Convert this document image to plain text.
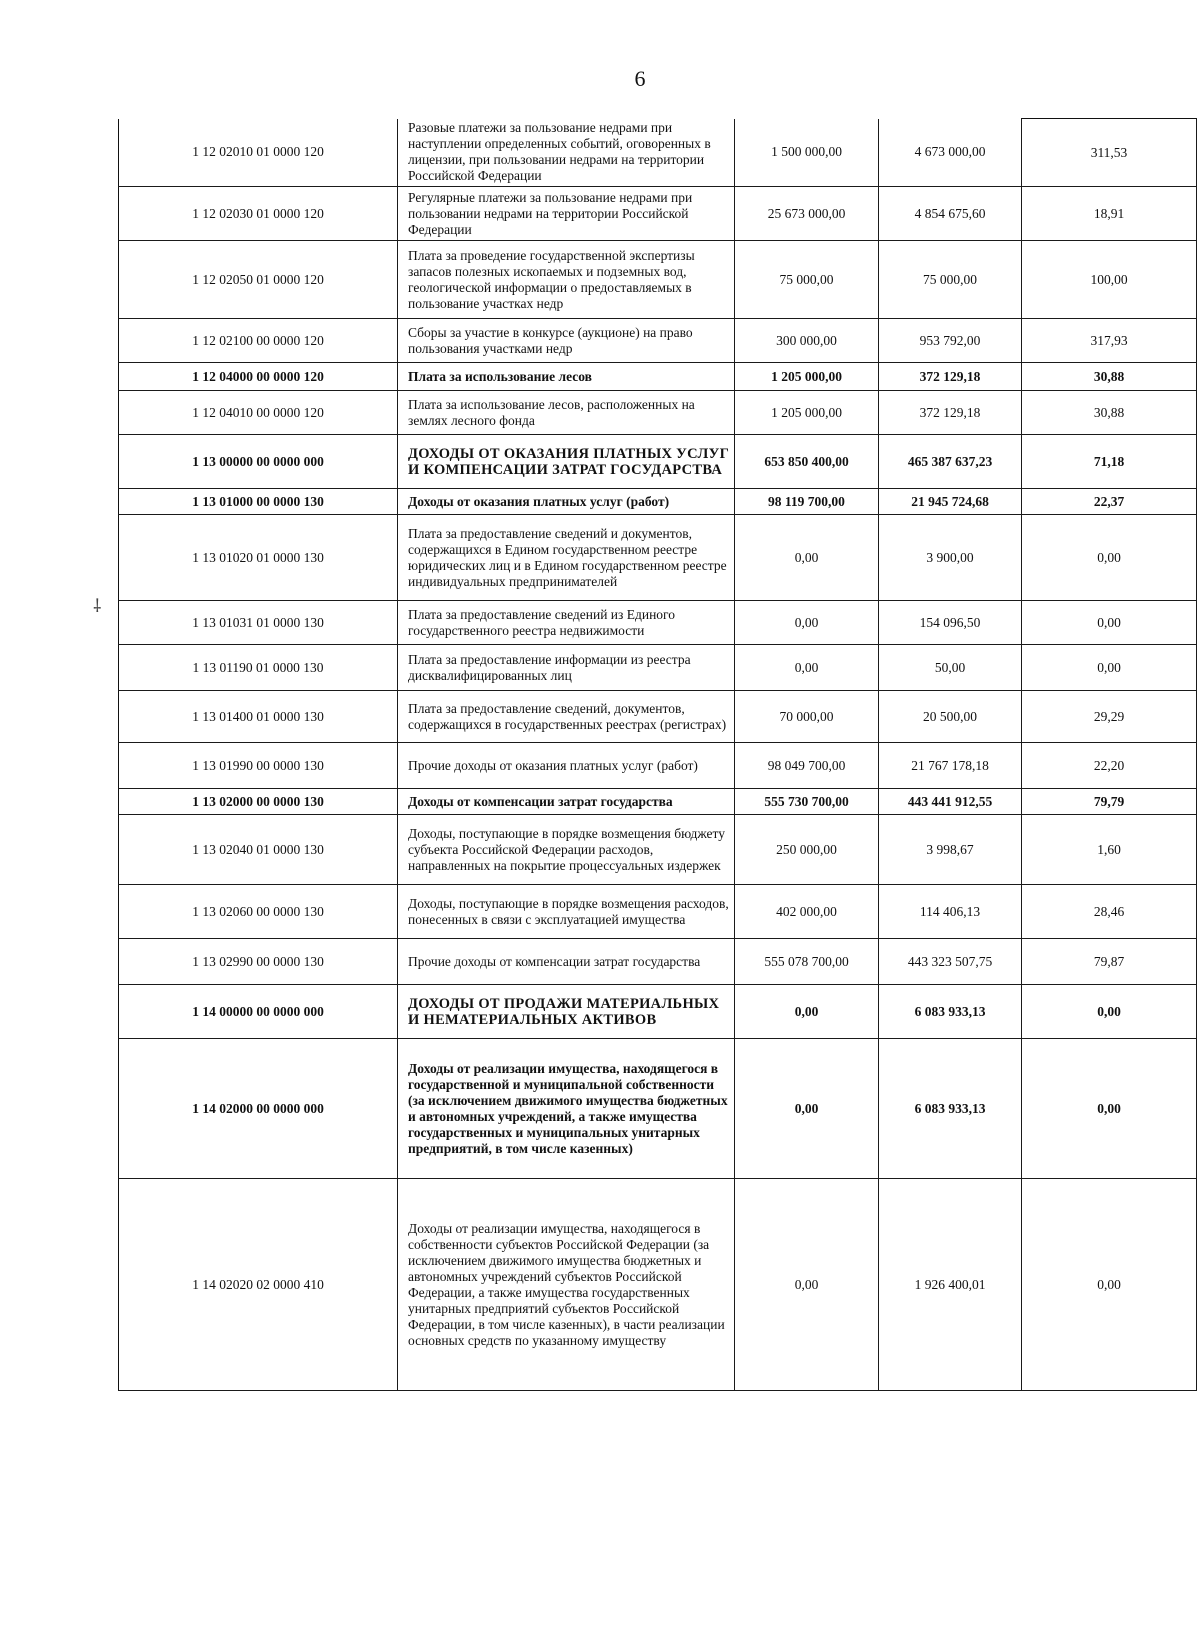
6
⸸
1 12 02010 01 0000 120	Разовые платежи за пользование недрами при наступлении определенных событий, оговоренных в лицензии, при пользовании недрами на территории Российской Федерации	1 500 000,00	4 673 000,00	311,53
1 12 02030 01 0000 120	Регулярные платежи за пользование недрами при пользовании недрами на территории Российской Федерации	25 673 000,00	4 854 675,60	18,91
1 12 02050 01 0000 120	Плата за проведение государственной экспертизы запасов полезных ископаемых и подземных вод, геологической информации о предоставляемых в пользование участках недр	75 000,00	75 000,00	100,00
1 12 02100 00 0000 120	Сборы за участие в конкурсе (аукционе) на право пользования участками недр	300 000,00	953 792,00	317,93
1 12 04000 00 0000 120	Плата за использование лесов	1 205 000,00	372 129,18	30,88
1 12 04010 00 0000 120	Плата за использование лесов, расположенных на землях лесного фонда	1 205 000,00	372 129,18	30,88
1 13 00000 00 0000 000	ДОХОДЫ ОТ ОКАЗАНИЯ ПЛАТНЫХ УСЛУГ И КОМПЕНСАЦИИ ЗАТРАТ ГОСУДАРСТВА	653 850 400,00	465 387 637,23	71,18
1 13 01000 00 0000 130	Доходы от оказания платных услуг (работ)	98 119 700,00	21 945 724,68	22,37
1 13 01020 01 0000 130	Плата за предоставление сведений и документов, содержащихся в Едином государственном реестре юридических лиц и в Едином государственном реестре индивидуальных предпринимателей	0,00	3 900,00	0,00
1 13 01031 01 0000 130	Плата за предоставление сведений из Единого государственного реестра недвижимости	0,00	154 096,50	0,00
1 13 01190 01 0000 130	Плата за предоставление информации из реестра дисквалифицированных лиц	0,00	50,00	0,00
1 13 01400 01 0000 130	Плата за предоставление сведений, документов, содержащихся в государственных реестрах (регистрах)	70 000,00	20 500,00	29,29
1 13 01990 00 0000 130	Прочие доходы от оказания платных услуг (работ)	98 049 700,00	21 767 178,18	22,20
1 13 02000 00 0000 130	Доходы от компенсации затрат государства	555 730 700,00	443 441 912,55	79,79
1 13 02040 01 0000 130	Доходы, поступающие в порядке возмещения бюджету субъекта Российской Федерации расходов, направленных на покрытие процессуальных издержек	250 000,00	3 998,67	1,60
1 13 02060 00 0000 130	Доходы, поступающие в порядке возмещения расходов, понесенных в связи с эксплуатацией имущества	402 000,00	114 406,13	28,46
1 13 02990 00 0000 130	Прочие доходы от компенсации затрат государства	555 078 700,00	443 323 507,75	79,87
1 14 00000 00 0000 000	ДОХОДЫ ОТ ПРОДАЖИ МАТЕРИАЛЬНЫХ И НЕМАТЕРИАЛЬНЫХ АКТИВОВ	0,00	6 083 933,13	0,00
1 14 02000 00 0000 000	Доходы от реализации имущества, находящегося в государственной и муниципальной собственности (за исключением движимого имущества бюджетных и автономных учреждений, а также имущества государственных и муниципальных унитарных предприятий, в том числе казенных)	0,00	6 083 933,13	0,00
1 14 02020 02 0000 410	Доходы от реализации имущества, находящегося в собственности субъектов Российской Федерации (за исключением движимого имущества бюджетных и автономных учреждений субъектов Российской Федерации, а также имущества государственных унитарных предприятий субъектов Российской Федерации, в том числе казенных), в части реализации основных средств по указанному имуществу	0,00	1 926 400,01	0,00
